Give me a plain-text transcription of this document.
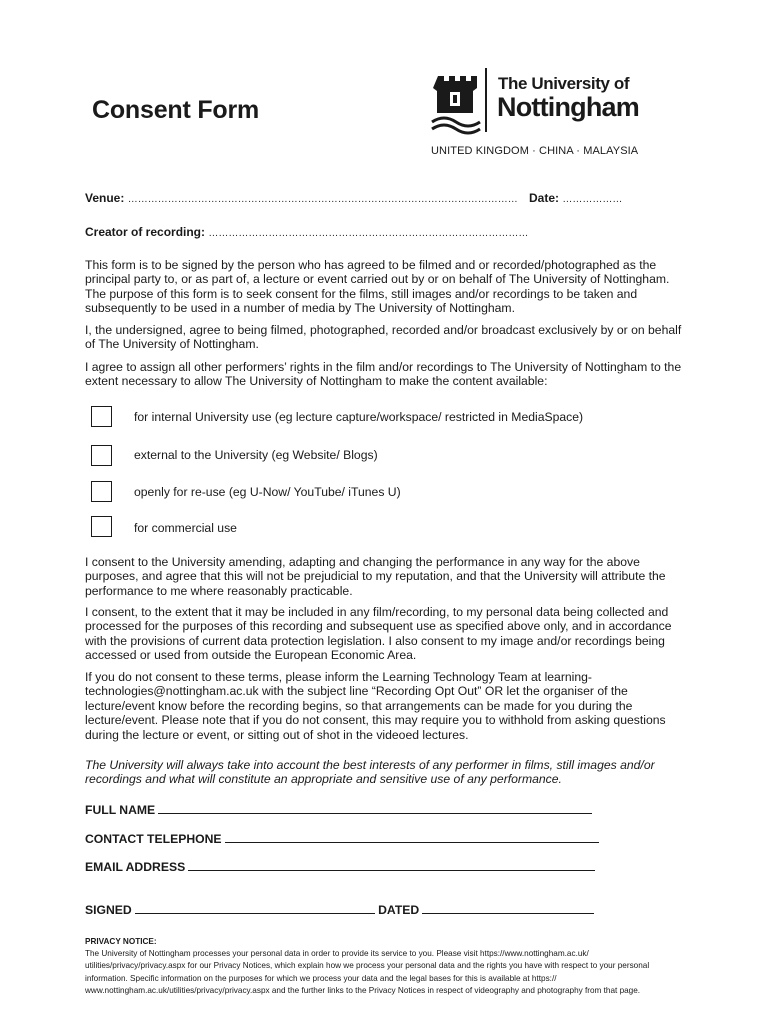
Consent Form
The University of
Nottingham
UNITED KINGDOM · CHINA · MALAYSIA
Venue: ……………………………………………………………………………………………………… Date: ………………
Creator of recording: ……………………………………………………………………………………
This form is to be signed by the person who has agreed to be filmed and or recorded/photographed as the principal party to, or as part of, a lecture or event carried out by or on behalf of The University of Nottingham. The purpose of this form is to seek consent for the films, still images and/or recordings to be taken and subsequently to be used in a number of media by The University of Nottingham.
I, the undersigned, agree to being filmed, photographed, recorded and/or broadcast exclusively by or on behalf of The University of Nottingham.
I agree to assign all other performers’ rights in the film and/or recordings to The University of Nottingham to the extent necessary to allow The University of Nottingham to make the content available:
for internal University use (eg lecture capture/workspace/ restricted in MediaSpace)
external to the University (eg Website/ Blogs)
openly for re-use (eg U-Now/ YouTube/ iTunes U)
for commercial use
I consent to the University amending, adapting and changing the performance in any way for the above purposes, and agree that this will not be prejudicial to my reputation, and that the University will attribute the performance to me where reasonably practicable.
I consent, to the extent that it may be included in any film/recording, to my personal data being collected and processed for the purposes of this recording and subsequent use as specified above only, and in accordance with the provisions of current data protection legislation. I also consent to my image and/or recordings being accessed or used from outside the European Economic Area.
If you do not consent to these terms, please inform the Learning Technology Team at learning-technologies@nottingham.ac.uk with the subject line “Recording Opt Out” OR let the organiser of the lecture/event know before the recording begins, so that arrangements can be made for you during the lecture/event. Please note that if you do not consent, this may require you to withhold from asking questions during the lecture or event, or sitting out of shot in the videoed lectures.
The University will always take into account the best interests of any performer in films, still images and/or recordings and what will constitute an appropriate and sensitive use of any performance.
FULL NAME
CONTACT TELEPHONE
EMAIL ADDRESS
SIGNED	DATED
PRIVACY NOTICE:
The University of Nottingham processes your personal data in order to provide its service to you. Please visit https://www.nottingham.ac.uk/ utilities/privacy/privacy.aspx for our Privacy Notices, which explain how we process your personal data and the rights you have with respect to your personal information. Specific information on the purposes for which we process your data and the legal bases for this is available at https:// www.nottingham.ac.uk/utilities/privacy/privacy.aspx and the further links to the Privacy Notices in respect of videography and photography from that page.
